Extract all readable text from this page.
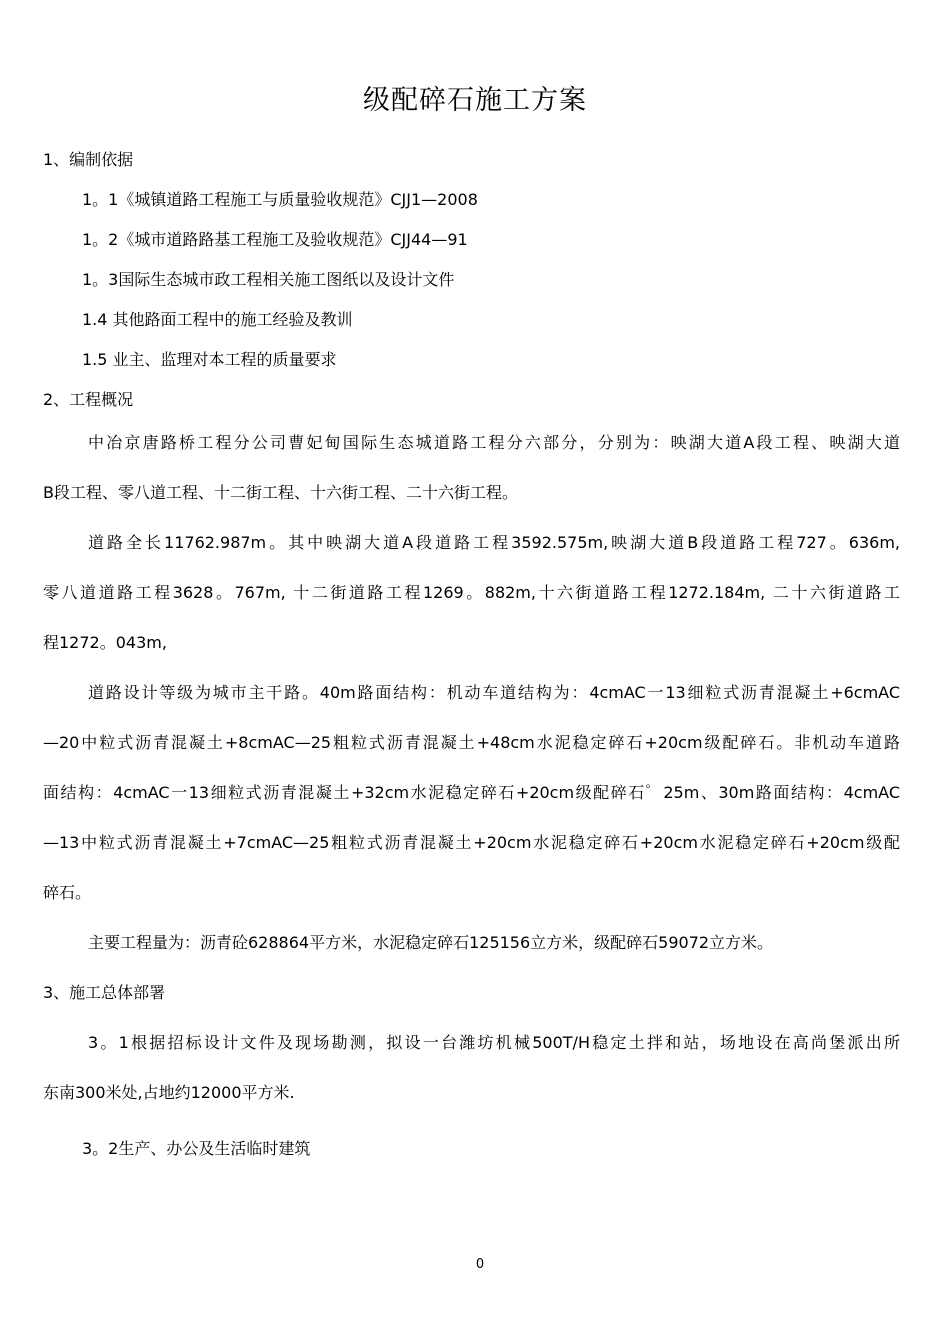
级配碎石施工方案
1、编制依据
1。1《城镇道路工程施工与质量验收规范》CJJ1—2008
1。2《城市道路路基工程施工及验收规范》CJJ44—91
1。3国际生态城市政工程相关施工图纸以及设计文件
1.4 其他路面工程中的施工经验及教训
1.5 业主、监理对本工程的质量要求
2、工程概况
中冶京唐路桥工程分公司曹妃甸国际生态城道路工程分六部分，分别为：映湖大道A段工程、映湖大道
B段工程、零八道工程、十二街工程、十六街工程、二十六街工程。
道路全长11762.987m。其中映湖大道A段道路工程3592.575m,映湖大道B段道路工程727。636m,
零八道道路工程3628。767m, 十二街道路工程1269。882m,十六街道路工程1272.184m, 二十六街道路工
程1272。043m,
道路设计等级为城市主干路。40m路面结构：机动车道结构为：4cmAC一13细粒式沥青混凝土+6cmAC
—20中粒式沥青混凝土+8cmAC—25粗粒式沥青混凝土+48cm水泥稳定碎石+20cm级配碎石。非机动车道路
面结构：4cmAC一13细粒式沥青混凝土+32cm水泥稳定碎石+20cm级配碎石゜25m、30m路面结构：4cmAC
—13中粒式沥青混凝土+7cmAC—25粗粒式沥青混凝土+20cm水泥稳定碎石+20cm水泥稳定碎石+20cm级配
碎石。
主要工程量为：沥青砼628864平方米，水泥稳定碎石125156立方米，级配碎石59072立方米。
3、施工总体部署
3。1根据招标设计文件及现场勘测，拟设一台潍坊机械500T/H稳定土拌和站，场地设在高尚堡派出所
东南300米处,占地约12000平方米.
3。2生产、办公及生活临时建筑
0
